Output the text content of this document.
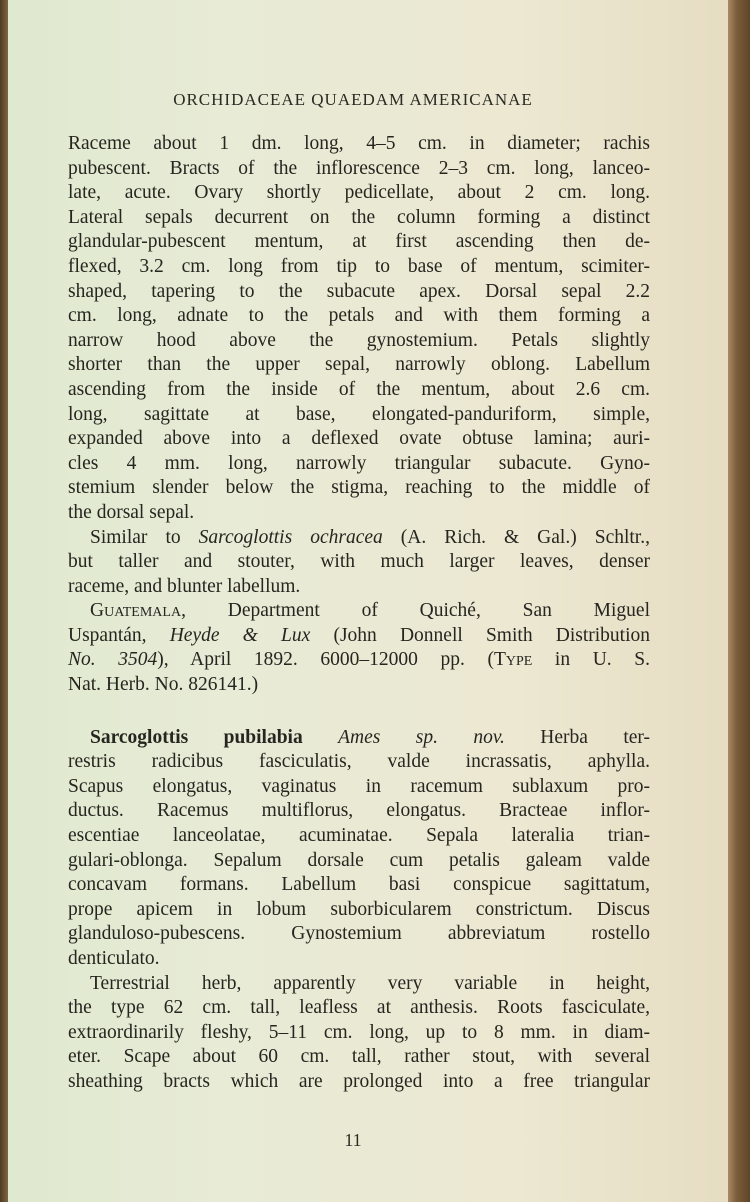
ORCHIDACEAE QUAEDAM AMERICANAE
Raceme about 1 dm. long, 4–5 cm. in diameter; rachis
pubescent. Bracts of the inflorescence 2–3 cm. long, lanceo-
late, acute. Ovary shortly pedicellate, about 2 cm. long.
Lateral sepals decurrent on the column forming a distinct
glandular-pubescent mentum, at first ascending then de-
flexed, 3.2 cm. long from tip to base of mentum, scimiter-
shaped, tapering to the subacute apex. Dorsal sepal 2.2
cm. long, adnate to the petals and with them forming a
narrow hood above the gynostemium. Petals slightly
shorter than the upper sepal, narrowly oblong. Labellum
ascending from the inside of the mentum, about 2.6 cm.
long, sagittate at base, elongated-panduriform, simple,
expanded above into a deflexed ovate obtuse lamina; auri-
cles 4 mm. long, narrowly triangular subacute. Gyno-
stemium slender below the stigma, reaching to the middle of
the dorsal sepal.
Similar to Sarcoglottis ochracea (A. Rich. & Gal.) Schltr.,
but taller and stouter, with much larger leaves, denser
raceme, and blunter labellum.
Guatemala, Department of Quiché, San Miguel
Uspantán, Heyde & Lux (John Donnell Smith Distribution
No. 3504), April 1892. 6000–12000 pp. (Type in U. S.
Nat. Herb. No. 826141.)
Sarcoglottis pubilabia Ames sp. nov. Herba ter-
restris radicibus fasciculatis, valde incrassatis, aphylla.
Scapus elongatus, vaginatus in racemum sublaxum pro-
ductus. Racemus multiflorus, elongatus. Bracteae inflor-
escentiae lanceolatae, acuminatae. Sepala lateralia trian-
gulari-oblonga. Sepalum dorsale cum petalis galeam valde
concavam formans. Labellum basi conspicue sagittatum,
prope apicem in lobum suborbicularem constrictum. Discus
glanduloso-pubescens. Gynostemium abbreviatum rostello
denticulato.
Terrestrial herb, apparently very variable in height,
the type 62 cm. tall, leafless at anthesis. Roots fasciculate,
extraordinarily fleshy, 5–11 cm. long, up to 8 mm. in diam-
eter. Scape about 60 cm. tall, rather stout, with several
sheathing bracts which are prolonged into a free triangular
11
